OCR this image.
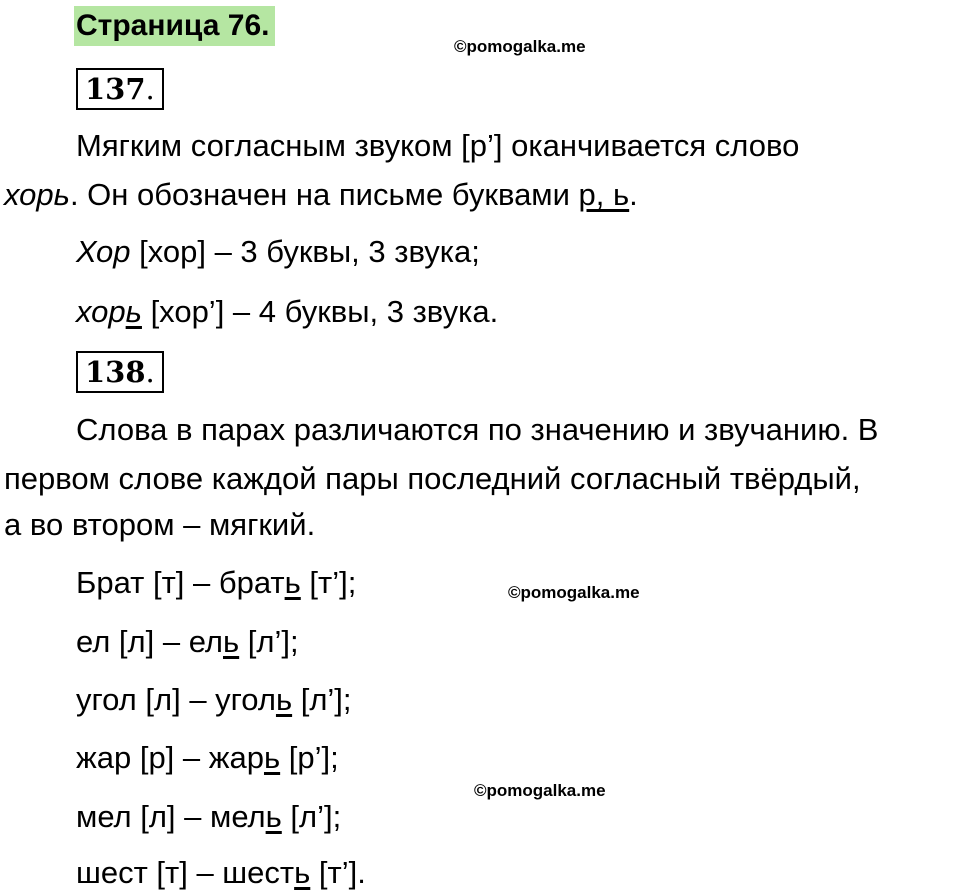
Страница 76.
©pomogalka.me
137.
Мягким согласным звуком [р’] оканчивается слово
хорь. Он обозначен на письме буквами р, ь.
Хор [хор] – 3 буквы, 3 звука;
хорь [хор’] – 4 буквы, 3 звука.
138.
Слова в парах различаются по значению и звучанию. В
первом слове каждой пары последний согласный твёрдый,
а во втором – мягкий.
Брат [т] – брать [т’];	©pomogalka.me
ел [л] – ель [л’];
угол [л] – уголь [л’];
жар [р] – жарь [р’];
©pomogalka.me
мел [л] – мель [л’];
шест [т] – шесть [т’].
